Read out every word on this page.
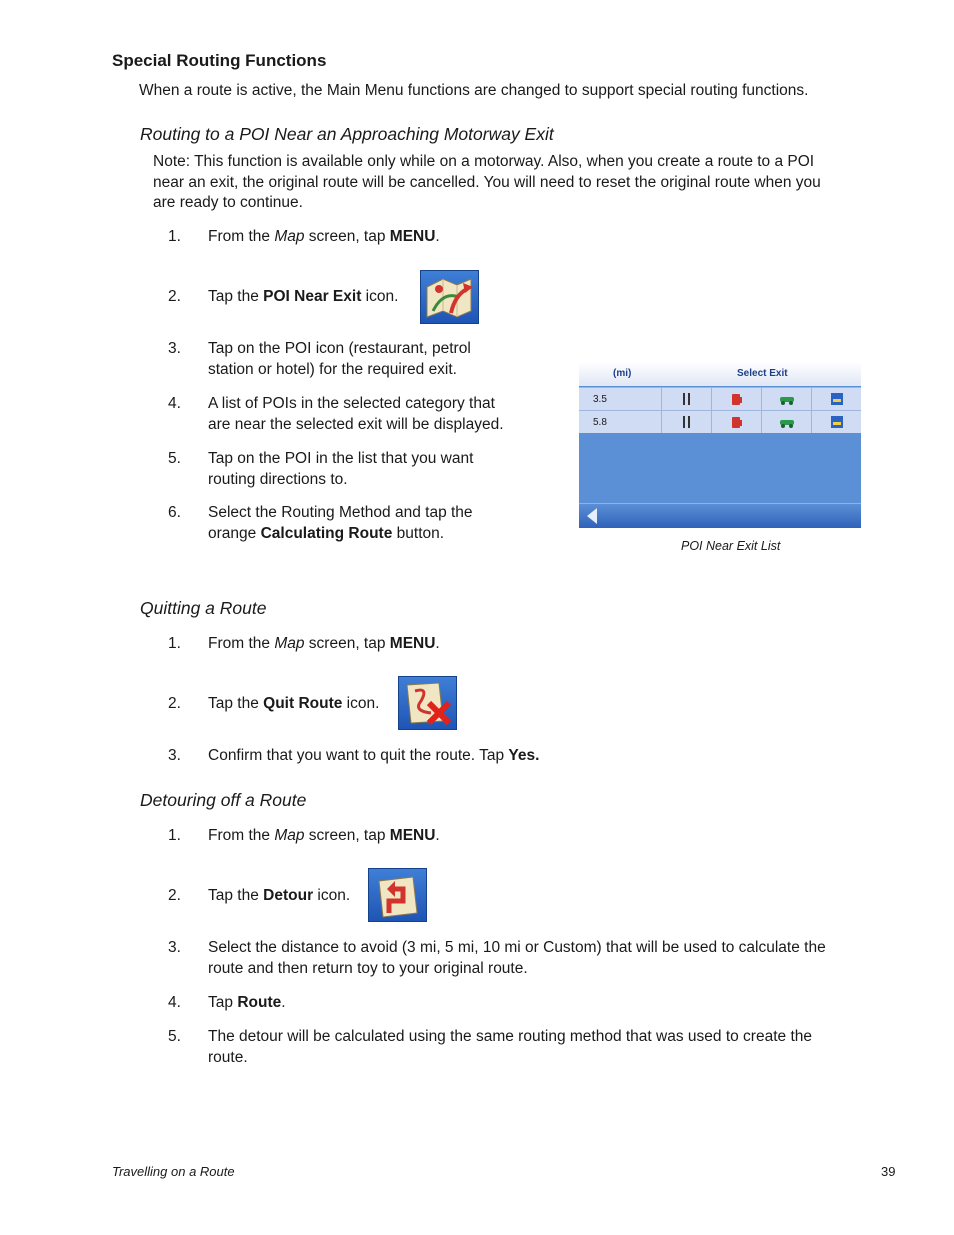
Special Routing Functions
When a route is active, the Main Menu functions are changed to support special routing functions.
Routing to a POI Near an Approaching Motorway Exit
Note: This function is available only while on a motorway. Also, when you create a route to a POI
near an exit, the original route will be cancelled. You will need to reset the original route when you
are ready to continue.
1. From the Map screen, tap MENU.
2. Tap the POI Near Exit icon.
3. Tap on the POI icon (restaurant, petrol
station or hotel) for the required exit.
4. A list of POIs in the selected category that
are near the selected exit will be displayed.
5. Tap on the POI in the list that you want
routing directions to.
6. Select the Routing Method and tap the
orange Calculating Route button.
(mi)	Select Exit
3.5
5.8
POI Near Exit List
Quitting a Route
1. From the Map screen, tap MENU.
2. Tap the Quit Route icon.
3. Confirm that you want to quit the route. Tap Yes.
Detouring off a Route
1. From the Map screen, tap MENU.
2. Tap the Detour icon.
3. Select the distance to avoid (3 mi, 5 mi, 10 mi or Custom) that will be used to calculate the
route and then return toy to your original route.
4. Tap Route.
5. The detour will be calculated using the same routing method that was used to create the
route.
Travelling on a Route	39
